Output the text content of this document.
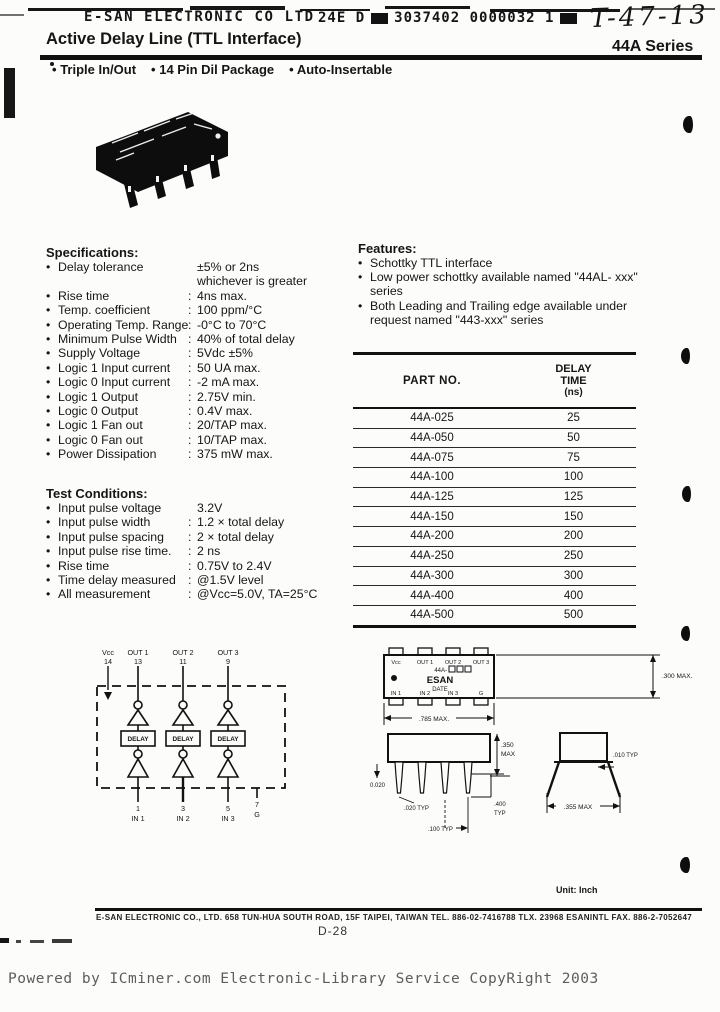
E-SAN ELECTRONIC CO LTD 24E D 3037402 0000032 1	T-47-13
Active Delay Line (TTL Interface)	44A Series
• Triple In/Out • 14 Pin Dil Package • Auto-Insertable
Specifications:
• Delay tolerance	±5% or 2ns
whichever is greater
• Rise time	: 4ns max.
• Temp. coefficient	: 100 ppm/°C
• Operating Temp. Range : -0°C to 70°C
• Minimum Pulse Width : 40% of total delay
• Supply Voltage	: 5Vdc ±5%
• Logic 1 Input current	: 50 UA max.
• Logic 0 Input current	: -2 mA max.
• Logic 1 Output	: 2.75V min.
• Logic 0 Output	: 0.4V max.
• Logic 1 Fan out	: 20/TAP max.
• Logic 0 Fan out	: 10/TAP max.
• Power Dissipation	: 375 mW max.
Test Conditions:
• Input pulse voltage	3.2V
• Input pulse width	: 1.2 × total delay
• Input pulse spacing	: 2 × total delay
• Input pulse rise time.	: 2 ns
• Rise time	: 0.75V to 2.4V
• Time delay measured : @1.5V level
• All measurement	: @Vcc=5.0V, TA=25°C
Features:
• Schottky TTL interface
• Low power schottky available named "44AL- xxx" series
• Both Leading and Trailing edge available under request named "443-xxx" series
PART NO.
DELAY
TIME
(ns)
44A-025	25
44A-050	50
44A-075	75
44A-100	100
44A-125	125
44A-150	150
44A-200	200
44A-250	250
44A-300	300
44A-400	400
44A-500	500
Vcc
14
OUT 1
13
OUT 2
11
OUT 3
9
DELAY	DELAY	DELAY
1
IN 1
3
IN 2
5
IN 3
7
G
Vcc	OUT 1 OUT 2 OUT 3
IN 1	IN 2	IN 3	G
44A-
ESAN
DATE
.300 MAX.
.785 MAX.
.350
MAX
0.020
.020 TYP
.100 TYP
.400
TYP
.010 TYP
.355 MAX
Unit: Inch
E-SAN ELECTRONIC CO., LTD. 658 TUN-HUA SOUTH ROAD, 15F TAIPEI, TAIWAN TEL. 886-02-7416788 TLX. 23968 ESANINTL FAX. 886-2-7052647
D-28
Powered by ICminer.com Electronic-Library Service CopyRight 2003
